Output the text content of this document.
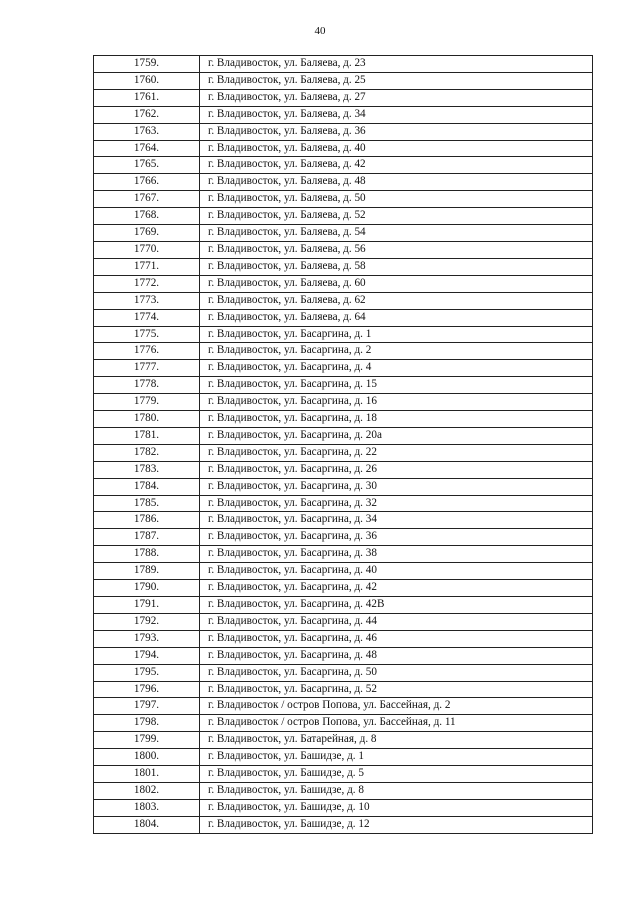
40
1759.	г. Владивосток, ул. Баляева, д. 23
1760.	г. Владивосток, ул. Баляева, д. 25
1761.	г. Владивосток, ул. Баляева, д. 27
1762.	г. Владивосток, ул. Баляева, д. 34
1763.	г. Владивосток, ул. Баляева, д. 36
1764.	г. Владивосток, ул. Баляева, д. 40
1765.	г. Владивосток, ул. Баляева, д. 42
1766.	г. Владивосток, ул. Баляева, д. 48
1767.	г. Владивосток, ул. Баляева, д. 50
1768.	г. Владивосток, ул. Баляева, д. 52
1769.	г. Владивосток, ул. Баляева, д. 54
1770.	г. Владивосток, ул. Баляева, д. 56
1771.	г. Владивосток, ул. Баляева, д. 58
1772.	г. Владивосток, ул. Баляева, д. 60
1773.	г. Владивосток, ул. Баляева, д. 62
1774.	г. Владивосток, ул. Баляева, д. 64
1775.	г. Владивосток, ул. Басаргина, д. 1
1776.	г. Владивосток, ул. Басаргина, д. 2
1777.	г. Владивосток, ул. Басаргина, д. 4
1778.	г. Владивосток, ул. Басаргина, д. 15
1779.	г. Владивосток, ул. Басаргина, д. 16
1780.	г. Владивосток, ул. Басаргина, д. 18
1781.	г. Владивосток, ул. Басаргина, д. 20а
1782.	г. Владивосток, ул. Басаргина, д. 22
1783.	г. Владивосток, ул. Басаргина, д. 26
1784.	г. Владивосток, ул. Басаргина, д. 30
1785.	г. Владивосток, ул. Басаргина, д. 32
1786.	г. Владивосток, ул. Басаргина, д. 34
1787.	г. Владивосток, ул. Басаргина, д. 36
1788.	г. Владивосток, ул. Басаргина, д. 38
1789.	г. Владивосток, ул. Басаргина, д. 40
1790.	г. Владивосток, ул. Басаргина, д. 42
1791.	г. Владивосток, ул. Басаргина, д. 42В
1792.	г. Владивосток, ул. Басаргина, д. 44
1793.	г. Владивосток, ул. Басаргина, д. 46
1794.	г. Владивосток, ул. Басаргина, д. 48
1795.	г. Владивосток, ул. Басаргина, д. 50
1796.	г. Владивосток, ул. Басаргина, д. 52
1797.	г. Владивосток / остров Попова, ул. Бассейная, д. 2
1798.	г. Владивосток / остров Попова, ул. Бассейная, д. 11
1799.	г. Владивосток, ул. Батарейная, д. 8
1800.	г. Владивосток, ул. Башидзе, д. 1
1801.	г. Владивосток, ул. Башидзе, д. 5
1802.	г. Владивосток, ул. Башидзе, д. 8
1803.	г. Владивосток, ул. Башидзе, д. 10
1804.	г. Владивосток, ул. Башидзе, д. 12
